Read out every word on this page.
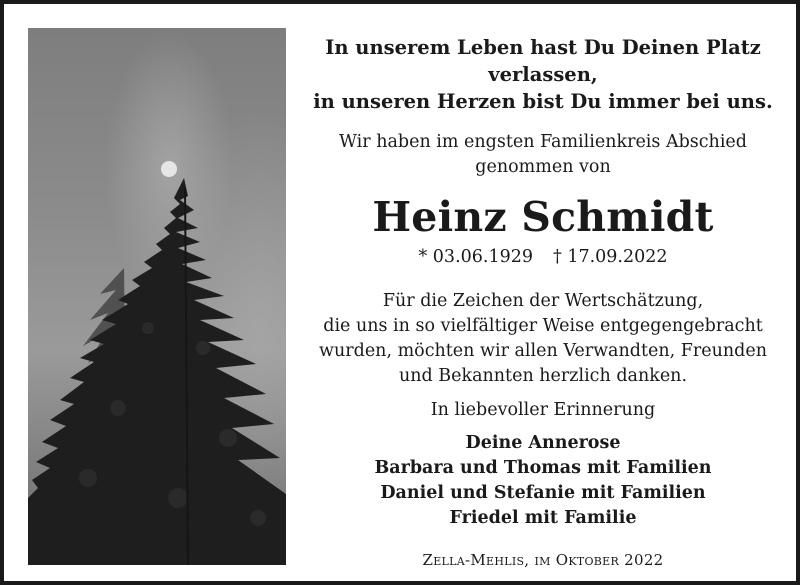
In unserem Leben hast Du Deinen Platz verlassen,
in unseren Herzen bist Du immer bei uns.
Wir haben im engsten Familienkreis Abschied
genommen von
Heinz Schmidt
* 03.06.1929 † 17.09.2022
Für die Zeichen der Wertschätzung,
die uns in so vielfältiger Weise entgegengebracht
wurden, möchten wir allen Verwandten, Freunden
und Bekannten herzlich danken.
In liebevoller Erinnerung
Deine Annerose
Barbara und Thomas mit Familien
Daniel und Stefanie mit Familien
Friedel mit Familie
Zella-Mehlis, im Oktober 2022
